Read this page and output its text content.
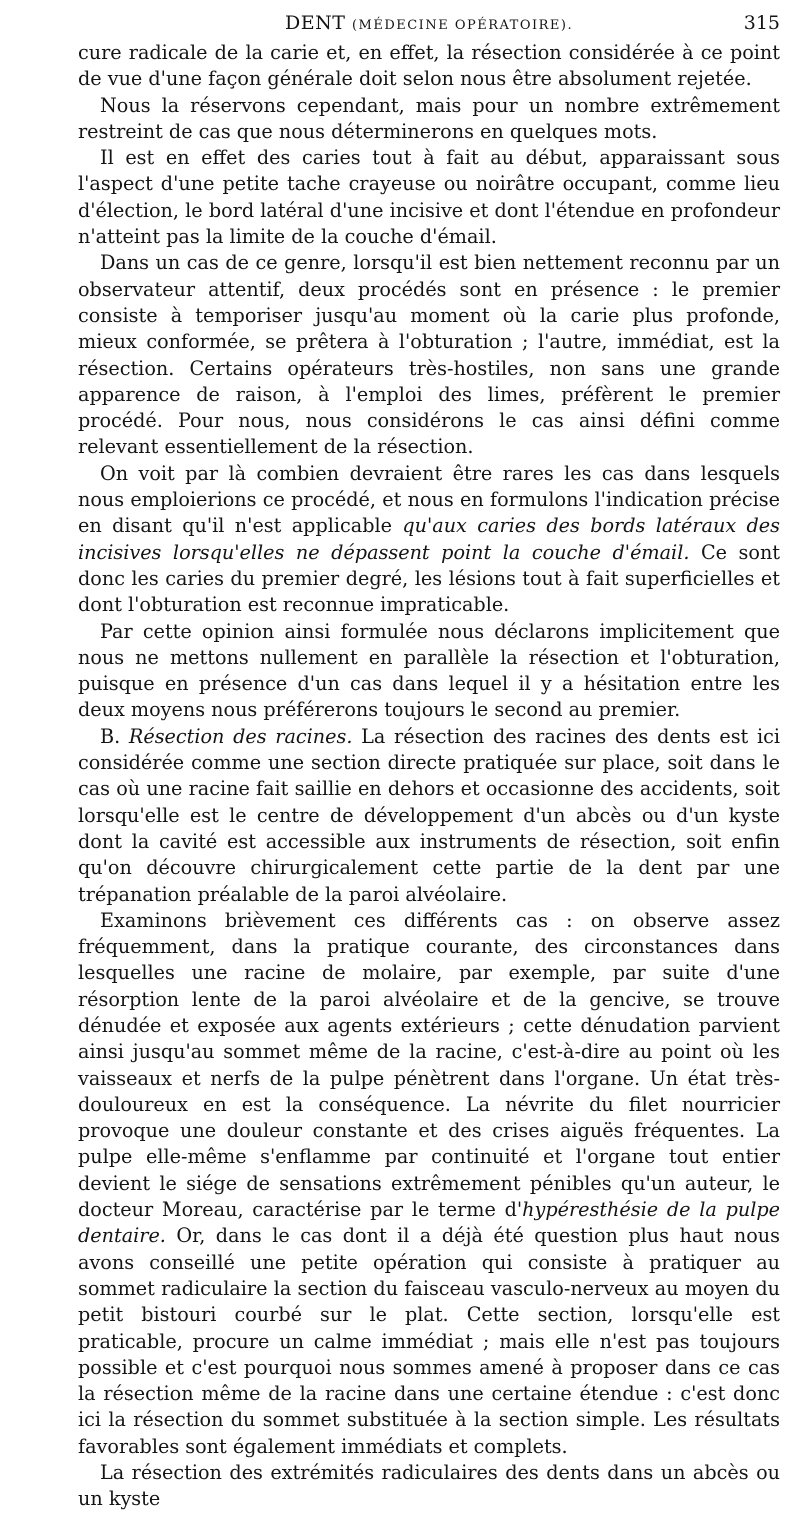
DENT (MÉDECINE OPÉRATOIRE).	315

cure radicale de la carie et, en effet, la résection considérée à ce point de vue d'une façon générale doit selon nous être absolument rejetée.

Nous la réservons cependant, mais pour un nombre extrêmement restreint de cas que nous déterminerons en quelques mots.

Il est en effet des caries tout à fait au début, apparaissant sous l'aspect d'une petite tache crayeuse ou noirâtre occupant, comme lieu d'élection, le bord latéral d'une incisive et dont l'étendue en profondeur n'atteint pas la limite de la couche d'émail.

Dans un cas de ce genre, lorsqu'il est bien nettement reconnu par un observateur attentif, deux procédés sont en présence : le premier consiste à temporiser jusqu'au moment où la carie plus profonde, mieux conformée, se prêtera à l'obturation ; l'autre, immédiat, est la résection. Certains opérateurs très-hostiles, non sans une grande apparence de raison, à l'emploi des limes, préfèrent le premier procédé. Pour nous, nous considérons le cas ainsi défini comme relevant essentiellement de la résection.

On voit par là combien devraient être rares les cas dans lesquels nous emploierions ce procédé, et nous en formulons l'indication précise en disant qu'il n'est applicable qu'aux caries des bords latéraux des incisives lorsqu'elles ne dépassent point la couche d'émail. Ce sont donc les caries du premier degré, les lésions tout à fait superficielles et dont l'obturation est reconnue impraticable.

Par cette opinion ainsi formulée nous déclarons implicitement que nous ne mettons nullement en parallèle la résection et l'obturation, puisque en présence d'un cas dans lequel il y a hésitation entre les deux moyens nous préférerons toujours le second au premier.

B. Résection des racines. La résection des racines des dents est ici considérée comme une section directe pratiquée sur place, soit dans le cas où une racine fait saillie en dehors et occasionne des accidents, soit lorsqu'elle est le centre de développement d'un abcès ou d'un kyste dont la cavité est accessible aux instruments de résection, soit enfin qu'on découvre chirurgicalement cette partie de la dent par une trépanation préalable de la paroi alvéolaire.

Examinons brièvement ces différents cas : on observe assez fréquemment, dans la pratique courante, des circonstances dans lesquelles une racine de molaire, par exemple, par suite d'une résorption lente de la paroi alvéolaire et de la gencive, se trouve dénudée et exposée aux agents extérieurs ; cette dénudation parvient ainsi jusqu'au sommet même de la racine, c'est-à-dire au point où les vaisseaux et nerfs de la pulpe pénètrent dans l'organe. Un état très-douloureux en est la conséquence. La névrite du filet nourricier provoque une douleur constante et des crises aiguës fréquentes. La pulpe elle-même s'enflamme par continuité et l'organe tout entier devient le siége de sensations extrêmement pénibles qu'un auteur, le docteur Moreau, caractérise par le terme d'hypéresthésie de la pulpe dentaire. Or, dans le cas dont il a déjà été question plus haut nous avons conseillé une petite opération qui consiste à pratiquer au sommet radiculaire la section du faisceau vasculo-nerveux au moyen du petit bistouri courbé sur le plat. Cette section, lorsqu'elle est praticable, procure un calme immédiat ; mais elle n'est pas toujours possible et c'est pourquoi nous sommes amené à proposer dans ce cas la résection même de la racine dans une certaine étendue : c'est donc ici la résection du sommet substituée à la section simple. Les résultats favorables sont également immédiats et complets.

La résection des extrémités radiculaires des dents dans un abcès ou un kyste
